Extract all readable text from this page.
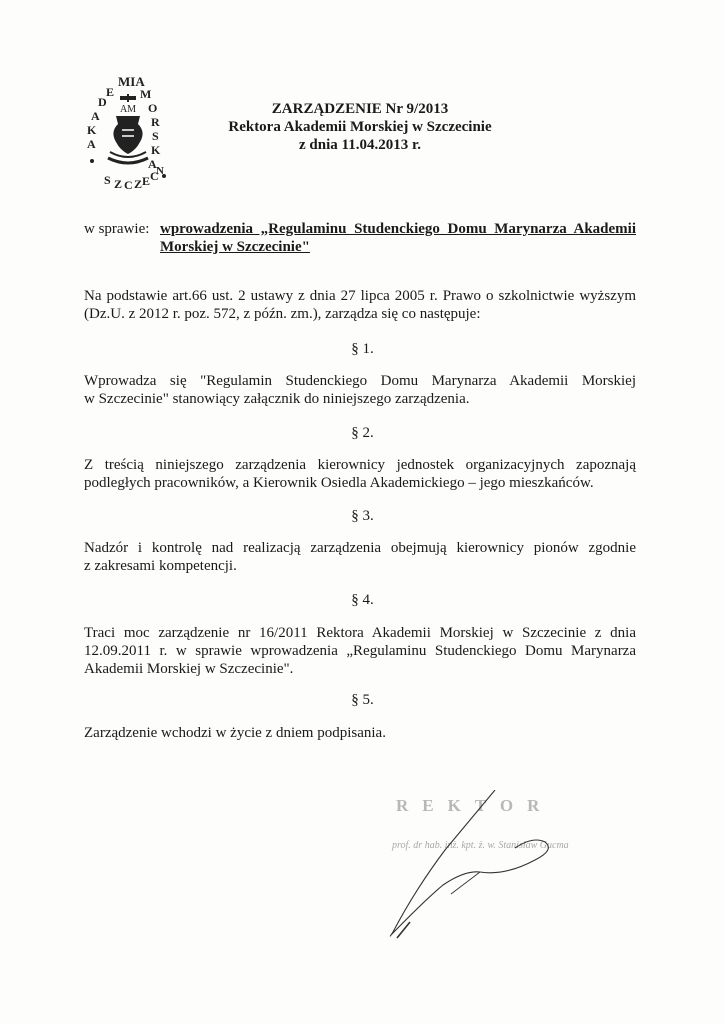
MIA
M
O
R
S
K
A
E
D
A
K
A
S Z C Z E C
N
AM	ZARZĄDZENIE Nr 9/2013
Rektora Akademii Morskiej w Szczecinie
z dnia 11.04.2013 r.
w sprawie: wprowadzenia „Regulaminu Studenckiego Domu Marynarza Akademii
Morskiej w Szczecinie"
Na podstawie art.66 ust. 2 ustawy z dnia 27 lipca 2005 r. Prawo o szkolnictwie wyższym
(Dz.U. z 2012 r. poz. 572, z późn. zm.), zarządza się co następuje:
§ 1.
Wprowadza się "Regulamin Studenckiego Domu Marynarza Akademii Morskiej
w Szczecinie" stanowiący załącznik do niniejszego zarządzenia.
§ 2.
Z treścią niniejszego zarządzenia kierownicy jednostek organizacyjnych zapoznają
podległych pracowników, a Kierownik Osiedla Akademickiego – jego mieszkańców.
§ 3.
Nadzór i kontrolę nad realizacją zarządzenia obejmują kierownicy pionów zgodnie
z zakresami kompetencji.
§ 4.
Traci moc zarządzenie nr 16/2011 Rektora Akademii Morskiej w Szczecinie z dnia
12.09.2011 r. w sprawie wprowadzenia „Regulaminu Studenckiego Domu Marynarza
Akademii Morskiej w Szczecinie".
§ 5.
Zarządzenie wchodzi w życie z dniem podpisania.
REKTOR
prof. dr hab. inż. kpt. ż. w. Stanisław Gucma
